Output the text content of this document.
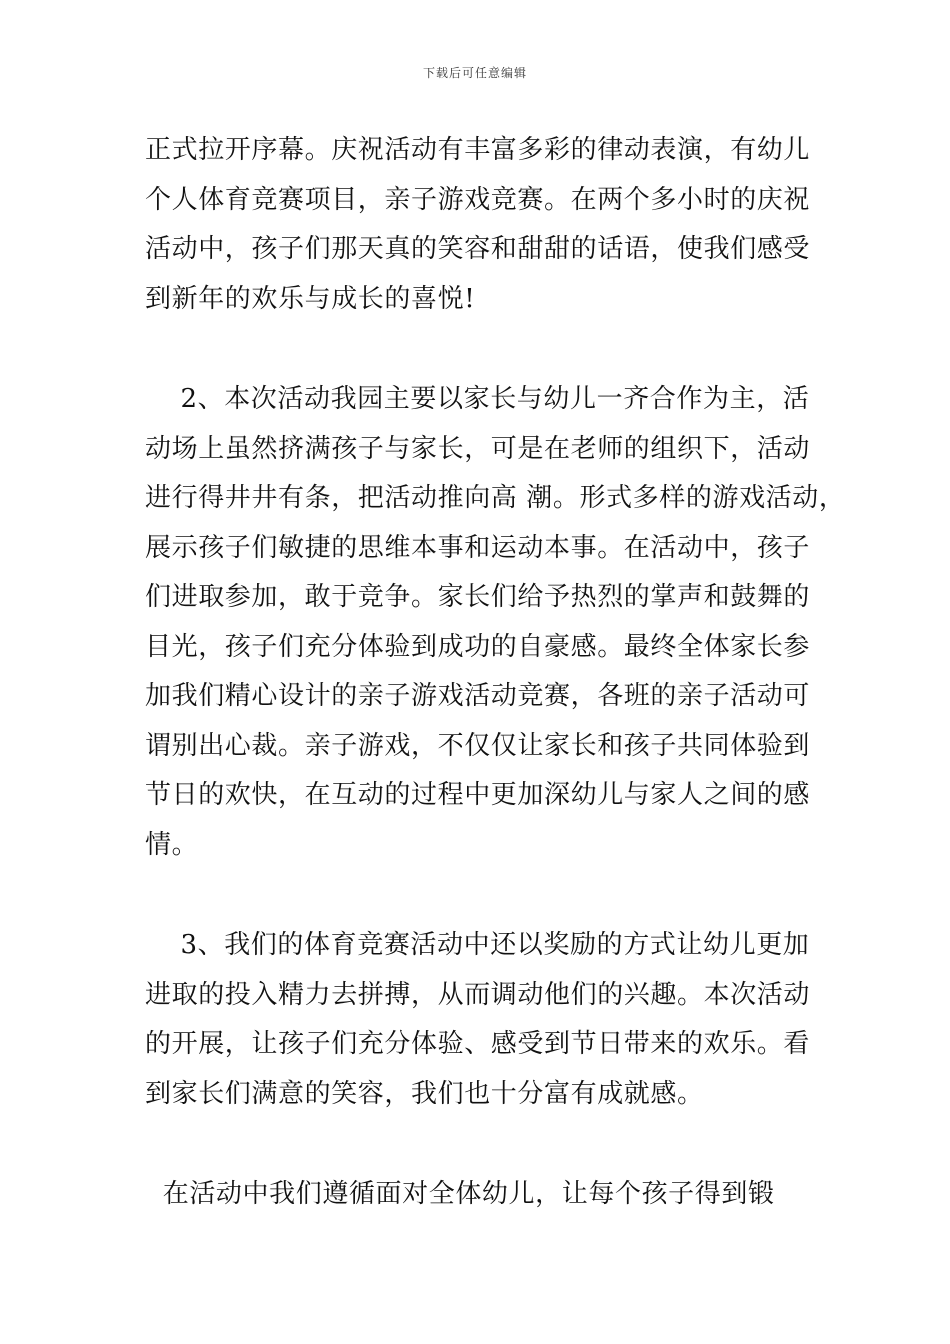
下载后可任意编辑
正式拉开序幕。庆祝活动有丰富多彩的律动表演，有幼儿
个人体育竞赛项目，亲子游戏竞赛。在两个多小时的庆祝
活动中，孩子们那天真的笑容和甜甜的话语，使我们感受
到新年的欢乐与成长的喜悦!
2、本次活动我园主要以家长与幼儿一齐合作为主，活
动场上虽然挤满孩子与家长，可是在老师的组织下，活动
进行得井井有条，把活动推向高 潮。形式多样的游戏活动，
展示孩子们敏捷的思维本事和运动本事。在活动中，孩子
们进取参加，敢于竞争。家长们给予热烈的掌声和鼓舞的
目光，孩子们充分体验到成功的自豪感。最终全体家长参
加我们精心设计的亲子游戏活动竞赛，各班的亲子活动可
谓别出心裁。亲子游戏，不仅仅让家长和孩子共同体验到
节日的欢快，在互动的过程中更加深幼儿与家人之间的感
情。
3、我们的体育竞赛活动中还以奖励的方式让幼儿更加
进取的投入精力去拼搏，从而调动他们的兴趣。本次活动
的开展，让孩子们充分体验、感受到节日带来的欢乐。看
到家长们满意的笑容，我们也十分富有成就感。
在活动中我们遵循面对全体幼儿，让每个孩子得到锻
